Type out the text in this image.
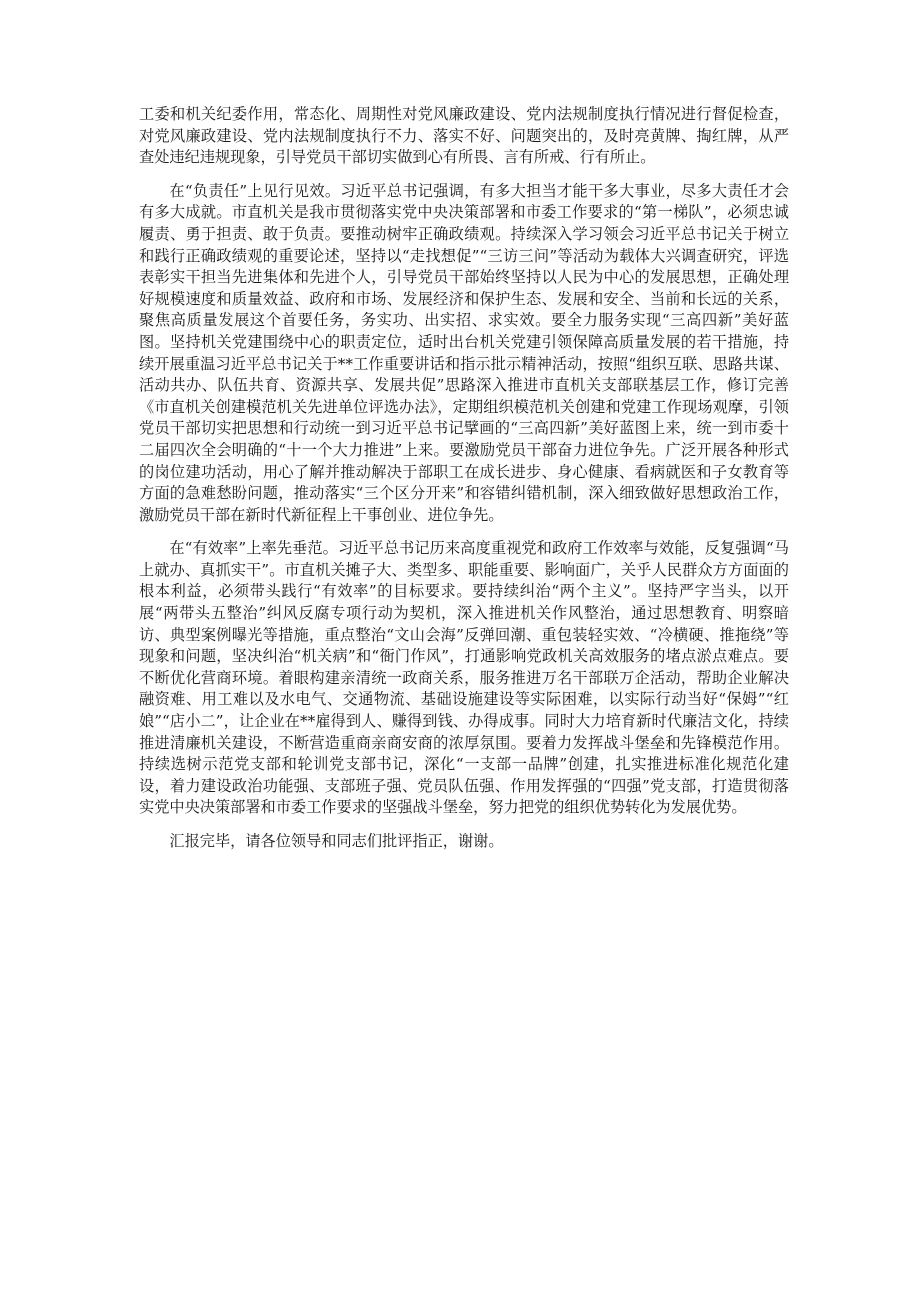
工委和机关纪委作用，常态化、周期性对党风廉政建设、党内法规制度执行情况进行督促检查，对党风廉政建设、党内法规制度执行不力、落实不好、问题突出的，及时亮黄牌、掏红牌，从严查处违纪违规现象，引导党员干部切实做到心有所畏、言有所戒、行有所止。

在“负责任”上见行见效。习近平总书记强调，有多大担当才能干多大事业，尽多大责任才会有多大成就。市直机关是我市贯彻落实党中央决策部署和市委工作要求的“第一梯队”，必须忠诚履责、勇于担责、敢于负责。要推动树牢正确政绩观。持续深入学习领会习近平总书记关于树立和践行正确政绩观的重要论述，坚持以“走找想促”“三访三问”等活动为载体大兴调查研究，评选表彰实干担当先进集体和先进个人，引导党员干部始终坚持以人民为中心的发展思想，正确处理好规模速度和质量效益、政府和市场、发展经济和保护生态、发展和安全、当前和长远的关系，聚焦高质量发展这个首要任务，务实功、出实招、求实效。要全力服务实现“三高四新”美好蓝图。坚持机关党建围绕中心的职责定位，适时出台机关党建引领保障高质量发展的若干措施，持续开展重温习近平总书记关于**工作重要讲话和指示批示精神活动，按照“组织互联、思路共谋、活动共办、队伍共育、资源共享、发展共促”思路深入推进市直机关支部联基层工作，修订完善《市直机关创建模范机关先进单位评选办法》，定期组织模范机关创建和党建工作现场观摩，引领党员干部切实把思想和行动统一到习近平总书记擘画的“三高四新”美好蓝图上来，统一到市委十二届四次全会明确的“十一个大力推进”上来。要激励党员干部奋力进位争先。广泛开展各种形式的岗位建功活动，用心了解并推动解决于部职工在成长进步、身心健康、看病就医和子女教育等方面的急难愁盼问题，推动落实“三个区分开来”和容错纠错机制，深入细致做好思想政治工作，激励党员干部在新时代新征程上干事创业、进位争先。

在“有效率”上率先垂范。习近平总书记历来高度重视党和政府工作效率与效能，反复强调“马上就办、真抓实干”。市直机关摊子大、类型多、职能重要、影响面广，关乎人民群众方方面面的根本利益，必须带头践行“有效率”的目标要求。要持续纠治“两个主义”。坚持严字当头，以开展“两带头五整治”纠风反腐专项行动为契机，深入推进机关作风整治，通过思想教育、明察暗访、典型案例曝光等措施，重点整治“文山会海”反弹回潮、重包装轻实效、“冷横硬、推拖绕”等现象和问题，坚决纠治“机关病”和“衙门作风”，打通影响党政机关高效服务的堵点淤点难点。要不断优化营商环境。着眼构建亲清统一政商关系，服务推进万名干部联万企活动，帮助企业解决融资难、用工难以及水电气、交通物流、基础设施建设等实际困难，以实际行动当好“保姆”“红娘”“店小二”，让企业在**雇得到人、赚得到钱、办得成事。同时大力培育新时代廉洁文化，持续推进清廉机关建设，不断营造重商亲商安商的浓厚氛围。要着力发挥战斗堡垒和先锋模范作用。持续选树示范党支部和轮训党支部书记，深化“一支部一品牌”创建，扎实推进标准化规范化建设，着力建设政治功能强、支部班子强、党员队伍强、作用发挥强的“四强”党支部，打造贯彻落实党中央决策部署和市委工作要求的坚强战斗堡垒，努力把党的组织优势转化为发展优势。

汇报完毕，请各位领导和同志们批评指正，谢谢。
